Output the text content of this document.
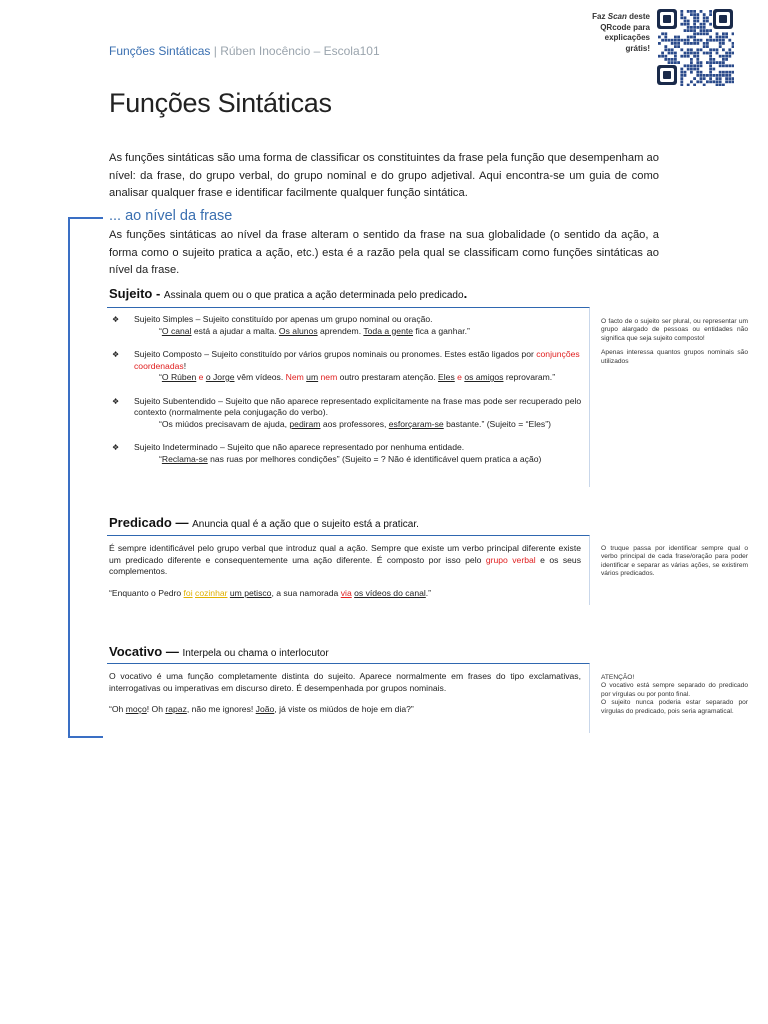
Funções Sintáticas | Rúben Inocêncio – Escola101
Faz Scan deste
QRcode para
explicações
grátis!
Funções Sintáticas
As funções sintáticas são uma forma de classificar os constituintes da frase pela função que desempenham ao nível: da frase, do grupo verbal, do grupo nominal e do grupo adjetival. Aqui encontra-se um guia de como analisar qualquer frase e identificar facilmente qualquer função sintática.
... ao nível da frase
As funções sintáticas ao nível da frase alteram o sentido da frase na sua globalidade (o sentido da ação, a forma como o sujeito pratica a ação, etc.) esta é a razão pela qual se classificam como funções sintáticas ao nível da frase.
Sujeito - Assinala quem ou o que pratica a ação determinada pelo predicado.
❖ Sujeito Simples – Sujeito constituído por apenas um grupo nominal ou oração.
“O canal está a ajudar a malta. Os alunos aprendem. Toda a gente fica a ganhar.”
❖ Sujeito Composto – Sujeito constituído por vários grupos nominais ou pronomes. Estes estão ligados por conjunções coordenadas!
“O Rúben e o Jorge vêm vídeos. Nem um nem outro prestaram atenção. Eles e os amigos reprovaram.”
❖ Sujeito Subentendido – Sujeito que não aparece representado explicitamente na frase mas pode ser recuperado pelo contexto (normalmente pela conjugação do verbo).
“Os miúdos precisavam de ajuda, pediram aos professores, esforçaram-se bastante.” (Sujeito = “Eles”)
❖ Sujeito Indeterminado – Sujeito que não aparece representado por nenhuma entidade.
“Reclama-se nas ruas por melhores condições” (Sujeito = ? Não é identificável quem pratica a ação)

O facto de o sujeito ser plural, ou representar um grupo alargado de pessoas ou entidades não significa que seja sujeito composto!

Apenas interessa quantos grupos nominais são utilizados

Predicado — Anuncia qual é a ação que o sujeito está a praticar.

É sempre identificável pelo grupo verbal que introduz qual a ação. Sempre que existe um verbo principal diferente existe um predicado diferente e consequentemente uma ação diferente. É composto por isso pelo grupo verbal e os seus complementos.

“Enquanto o Pedro foi cozinhar um petisco, a sua namorada via os vídeos do canal.”

O truque passa por identificar sempre qual o verbo principal de cada frase/oração para poder identificar e separar as várias ações, se existirem vários predicados.

Vocativo — Interpela ou chama o interlocutor

O vocativo é uma função completamente distinta do sujeito. Aparece normalmente em frases do tipo exclamativas, interrogativas ou imperativas em discurso direto. É desempenhada por grupos nominais.

“Oh moço! Oh rapaz, não me ignores! João, já viste os miúdos de hoje em dia?”

ATENÇÃO!

O vocativo está sempre separado do predicado por vírgulas ou por ponto final.

O sujeito nunca poderia estar separado por vírgulas do predicado, pois seria agramatical.
